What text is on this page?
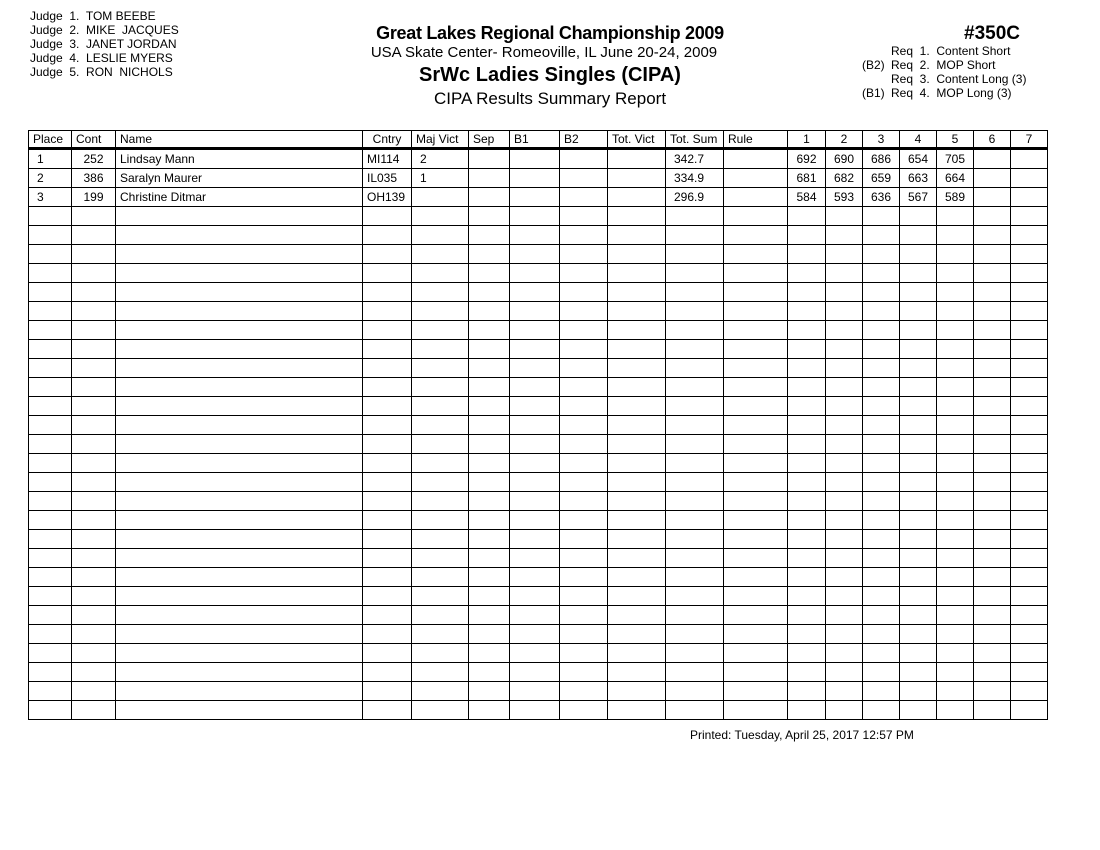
Judge  1. TOM BEEBE
Judge  2. MIKE  JACQUES
Judge  3. JANET JORDAN
Judge  4. LESLIE MYERS
Judge  5. RON  NICHOLS
Great Lakes Regional Championship 2009
USA Skate Center- Romeoville, IL June 20-24, 2009
SrWc Ladies Singles (CIPA)
CIPA Results Summary Report
#350C
Req  1. Content Short
(B2) Req  2. MOP Short
Req  3. Content Long (3)
(B1) Req  4. MOP Long (3)
Place	Cont	Name	Cntry	Maj Vict	Sep	B1	B2	Tot. Vict	Tot. Sum	Rule	1	2	3	4	5	6	7
1	252	Lindsay Mann	MI114	2					342.7		692	690	686	654	705		
2	386	Saralyn Maurer	IL035	1					334.9		681	682	659	663	664		
3	199	Christine Ditmar	OH139						296.9		584	593	636	567	589		

Printed: Tuesday, April 25, 2017 12:57 PM
